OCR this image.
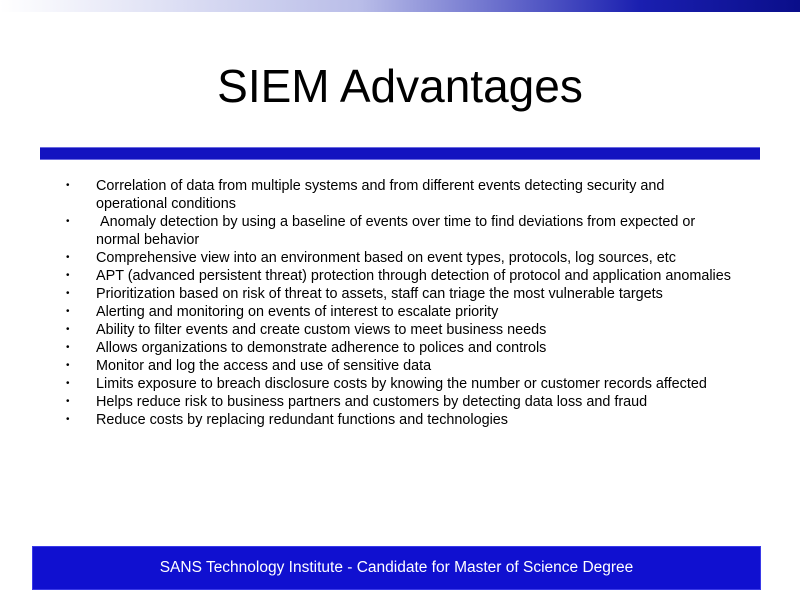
SIEM Advantages
• Correlation of data from multiple systems and from different events detecting security and operational conditions
• Anomaly detection by using a baseline of events over time to find deviations from expected or normal behavior
• Comprehensive view into an environment based on event types, protocols, log sources, etc
• APT (advanced persistent threat) protection through detection of protocol and application anomalies
• Prioritization based on risk of threat to assets, staff can triage the most vulnerable targets
• Alerting and monitoring on events of interest to escalate priority
• Ability to filter events and create custom views to meet business needs
• Allows organizations to demonstrate adherence to polices and controls
• Monitor and log the access and use of sensitive data
• Limits exposure to breach disclosure costs by knowing the number or customer records affected
• Helps reduce risk to business partners and customers by detecting data loss and fraud
• Reduce costs by replacing redundant functions and technologies
SANS Technology Institute - Candidate for Master of Science Degree
